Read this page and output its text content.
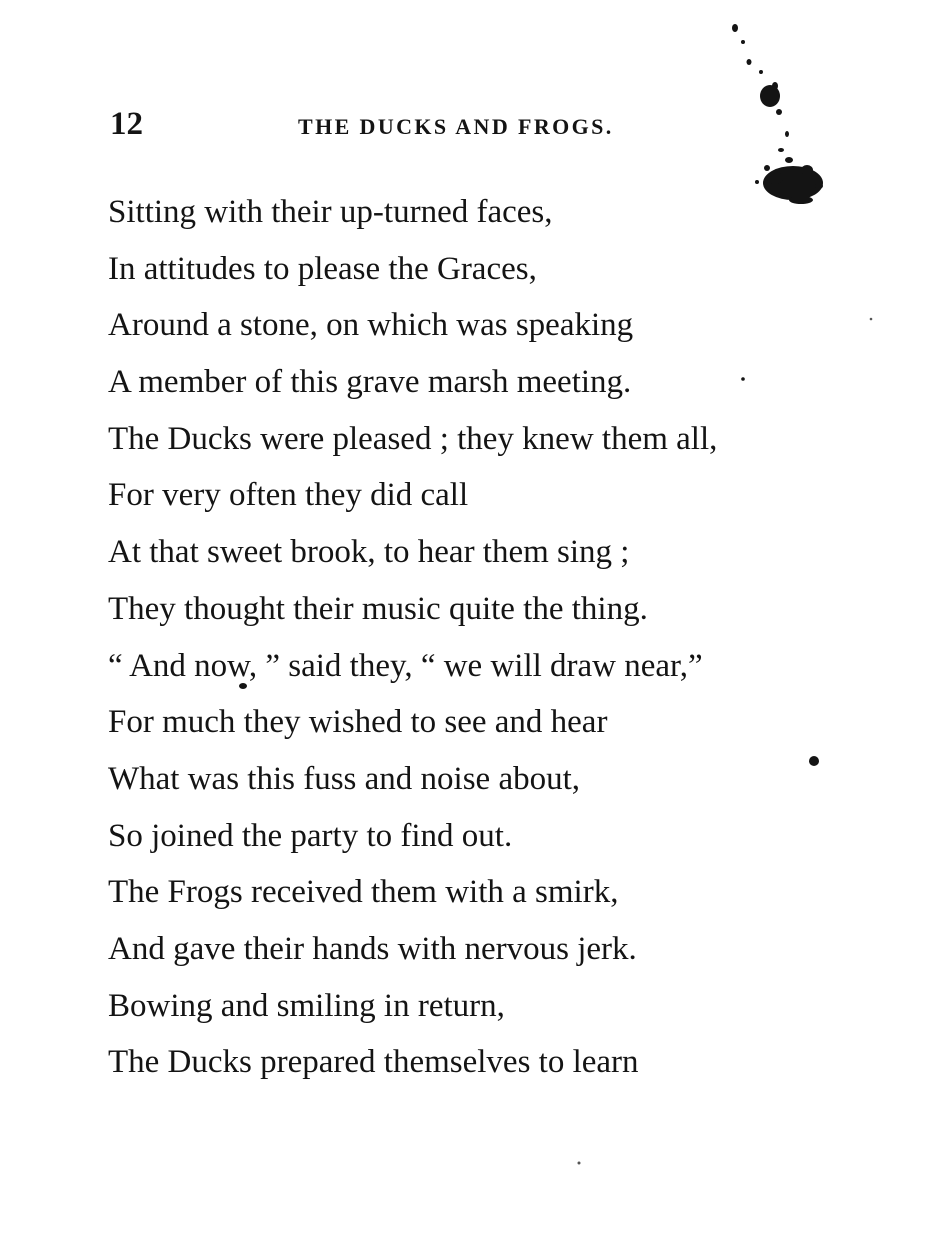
12	THE DUCKS AND FROGS.
Sitting with their up-turned faces,
In attitudes to please the Graces,
Around a stone, on which was speaking
A member of this grave marsh meeting.
The Ducks were pleased ; they knew them all,
For very often they did call
At that sweet brook, to hear them sing ;
They thought their music quite the thing.
“ And now, ” said they, “ we will draw near,”
For much they wished to see and hear
What was this fuss and noise about,
So joined the party to find out.
The Frogs received them with a smirk,
And gave their hands with nervous jerk.
Bowing and smiling in return,
The Ducks prepared themselves to learn
